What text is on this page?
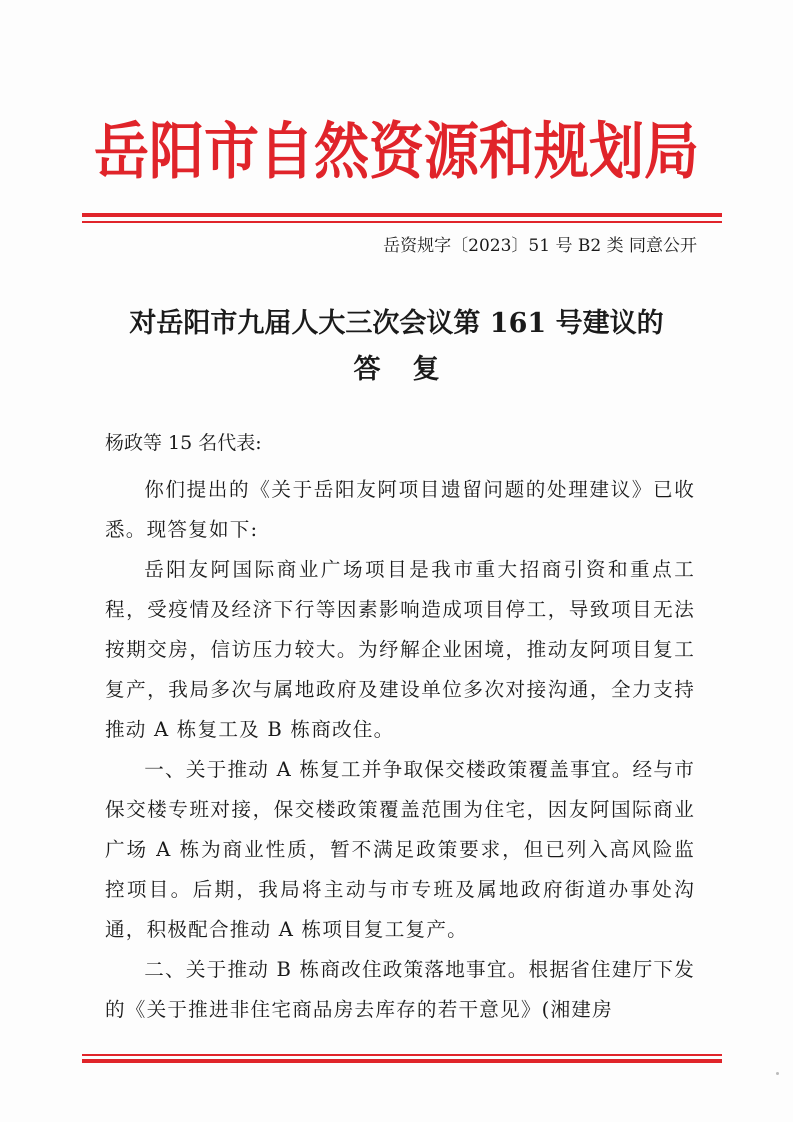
岳阳市自然资源和规划局
岳资规字〔2023〕51 号 B2 类 同意公开
对岳阳市九届人大三次会议第 161 号建议的
答复
杨政等 15 名代表:

你们提出的《关于岳阳友阿项目遗留问题的处理建议》已收悉。现答复如下:

岳阳友阿国际商业广场项目是我市重大招商引资和重点工程，受疫情及经济下行等因素影响造成项目停工，导致项目无法按期交房，信访压力较大。为纾解企业困境，推动友阿项目复工复产，我局多次与属地政府及建设单位多次对接沟通，全力支持推动 A 栋复工及 B 栋商改住。

一、关于推动 A 栋复工并争取保交楼政策覆盖事宜。经与市保交楼专班对接，保交楼政策覆盖范围为住宅，因友阿国际商业广场 A 栋为商业性质，暂不满足政策要求，但已列入高风险监控项目。后期，我局将主动与市专班及属地政府街道办事处沟通，积极配合推动 A 栋项目复工复产。

二、关于推动 B 栋商改住政策落地事宜。根据省住建厅下发的《关于推进非住宅商品房去库存的若干意见》(湘建房
